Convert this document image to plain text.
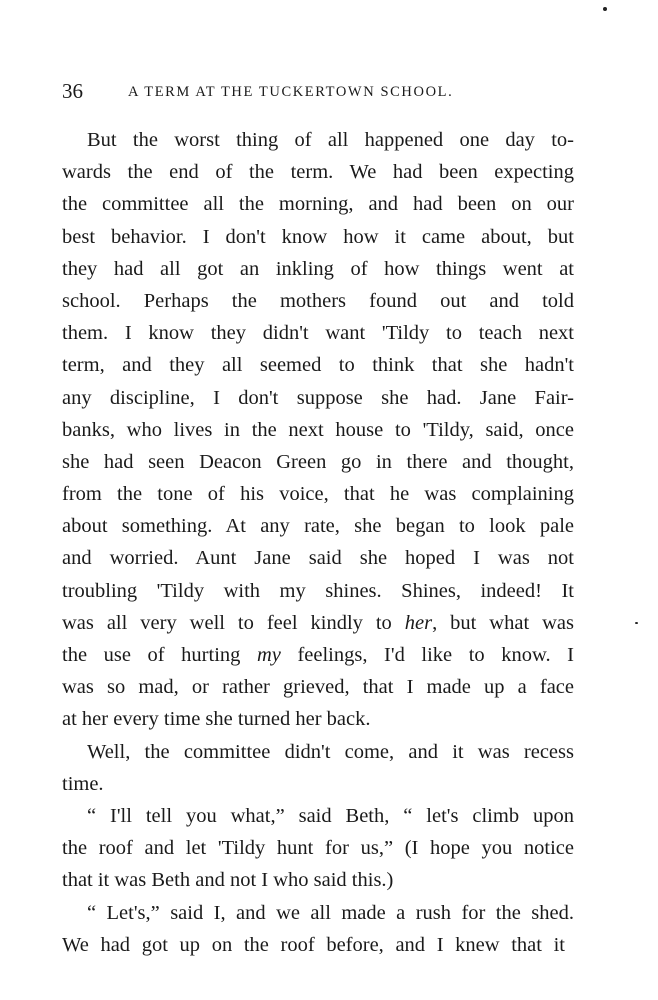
36	A TERM AT THE TUCKERTOWN SCHOOL.
But the worst thing of all happened one day to-
wards the end of the term. We had been expecting
the committee all the morning, and had been on our
best behavior. I don't know how it came about, but
they had all got an inkling of how things went at
school. Perhaps the mothers found out and told
them. I know they didn't want 'Tildy to teach next
term, and they all seemed to think that she hadn't
any discipline, I don't suppose she had. Jane Fair-
banks, who lives in the next house to 'Tildy, said, once
she had seen Deacon Green go in there and thought,
from the tone of his voice, that he was complaining
about something. At any rate, she began to look pale
and worried. Aunt Jane said she hoped I was not
troubling 'Tildy with my shines. Shines, indeed! It
was all very well to feel kindly to her, but what was
the use of hurting my feelings, I'd like to know. I
was so mad, or rather grieved, that I made up a face
at her every time she turned her back.
Well, the committee didn't come, and it was recess
time.
“ I'll tell you what,” said Beth, “ let's climb upon
the roof and let 'Tildy hunt for us,” (I hope you notice
that it was Beth and not I who said this.)
“ Let's,” said I, and we all made a rush for the shed.
We had got up on the roof before, and I knew that it
